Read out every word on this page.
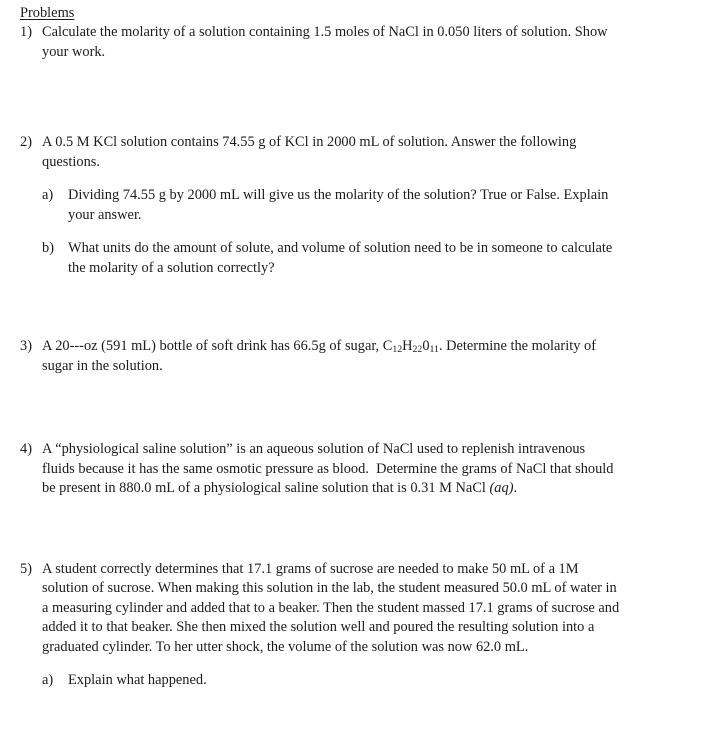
Problems
1) Calculate the molarity of a solution containing 1.5 moles of NaCl in 0.050 liters of solution. Show your work.
2) A 0.5 M KCl solution contains 74.55 g of KCl in 2000 mL of solution. Answer the following questions.
a)	Dividing 74.55 g by 2000 mL will give us the molarity of the solution? True or False. Explain your answer.
b) What units do the amount of solute, and volume of solution need to be in someone to calculate the molarity of a solution correctly?
3) A 20---oz (591 mL) bottle of soft drink has 66.5g of sugar, C12H22011. Determine the molarity of sugar in the solution.
4) A “physiological saline solution” is an aqueous solution of NaCl used to replenish intravenous fluids because it has the same osmotic pressure as blood.  Determine the grams of NaCl that should be present in 880.0 mL of a physiological saline solution that is 0.31 M NaCl (aq).
5) A student correctly determines that 17.1 grams of sucrose are needed to make 50 mL of a 1M solution of sucrose. When making this solution in the lab, the student measured 50.0 mL of water in a measuring cylinder and added that to a beaker. Then the student massed 17.1 grams of sucrose and added it to that beaker. She then mixed the solution well and poured the resulting solution into a graduated cylinder. To her utter shock, the volume of the solution was now 62.0 mL.
a)	Explain what happened.
